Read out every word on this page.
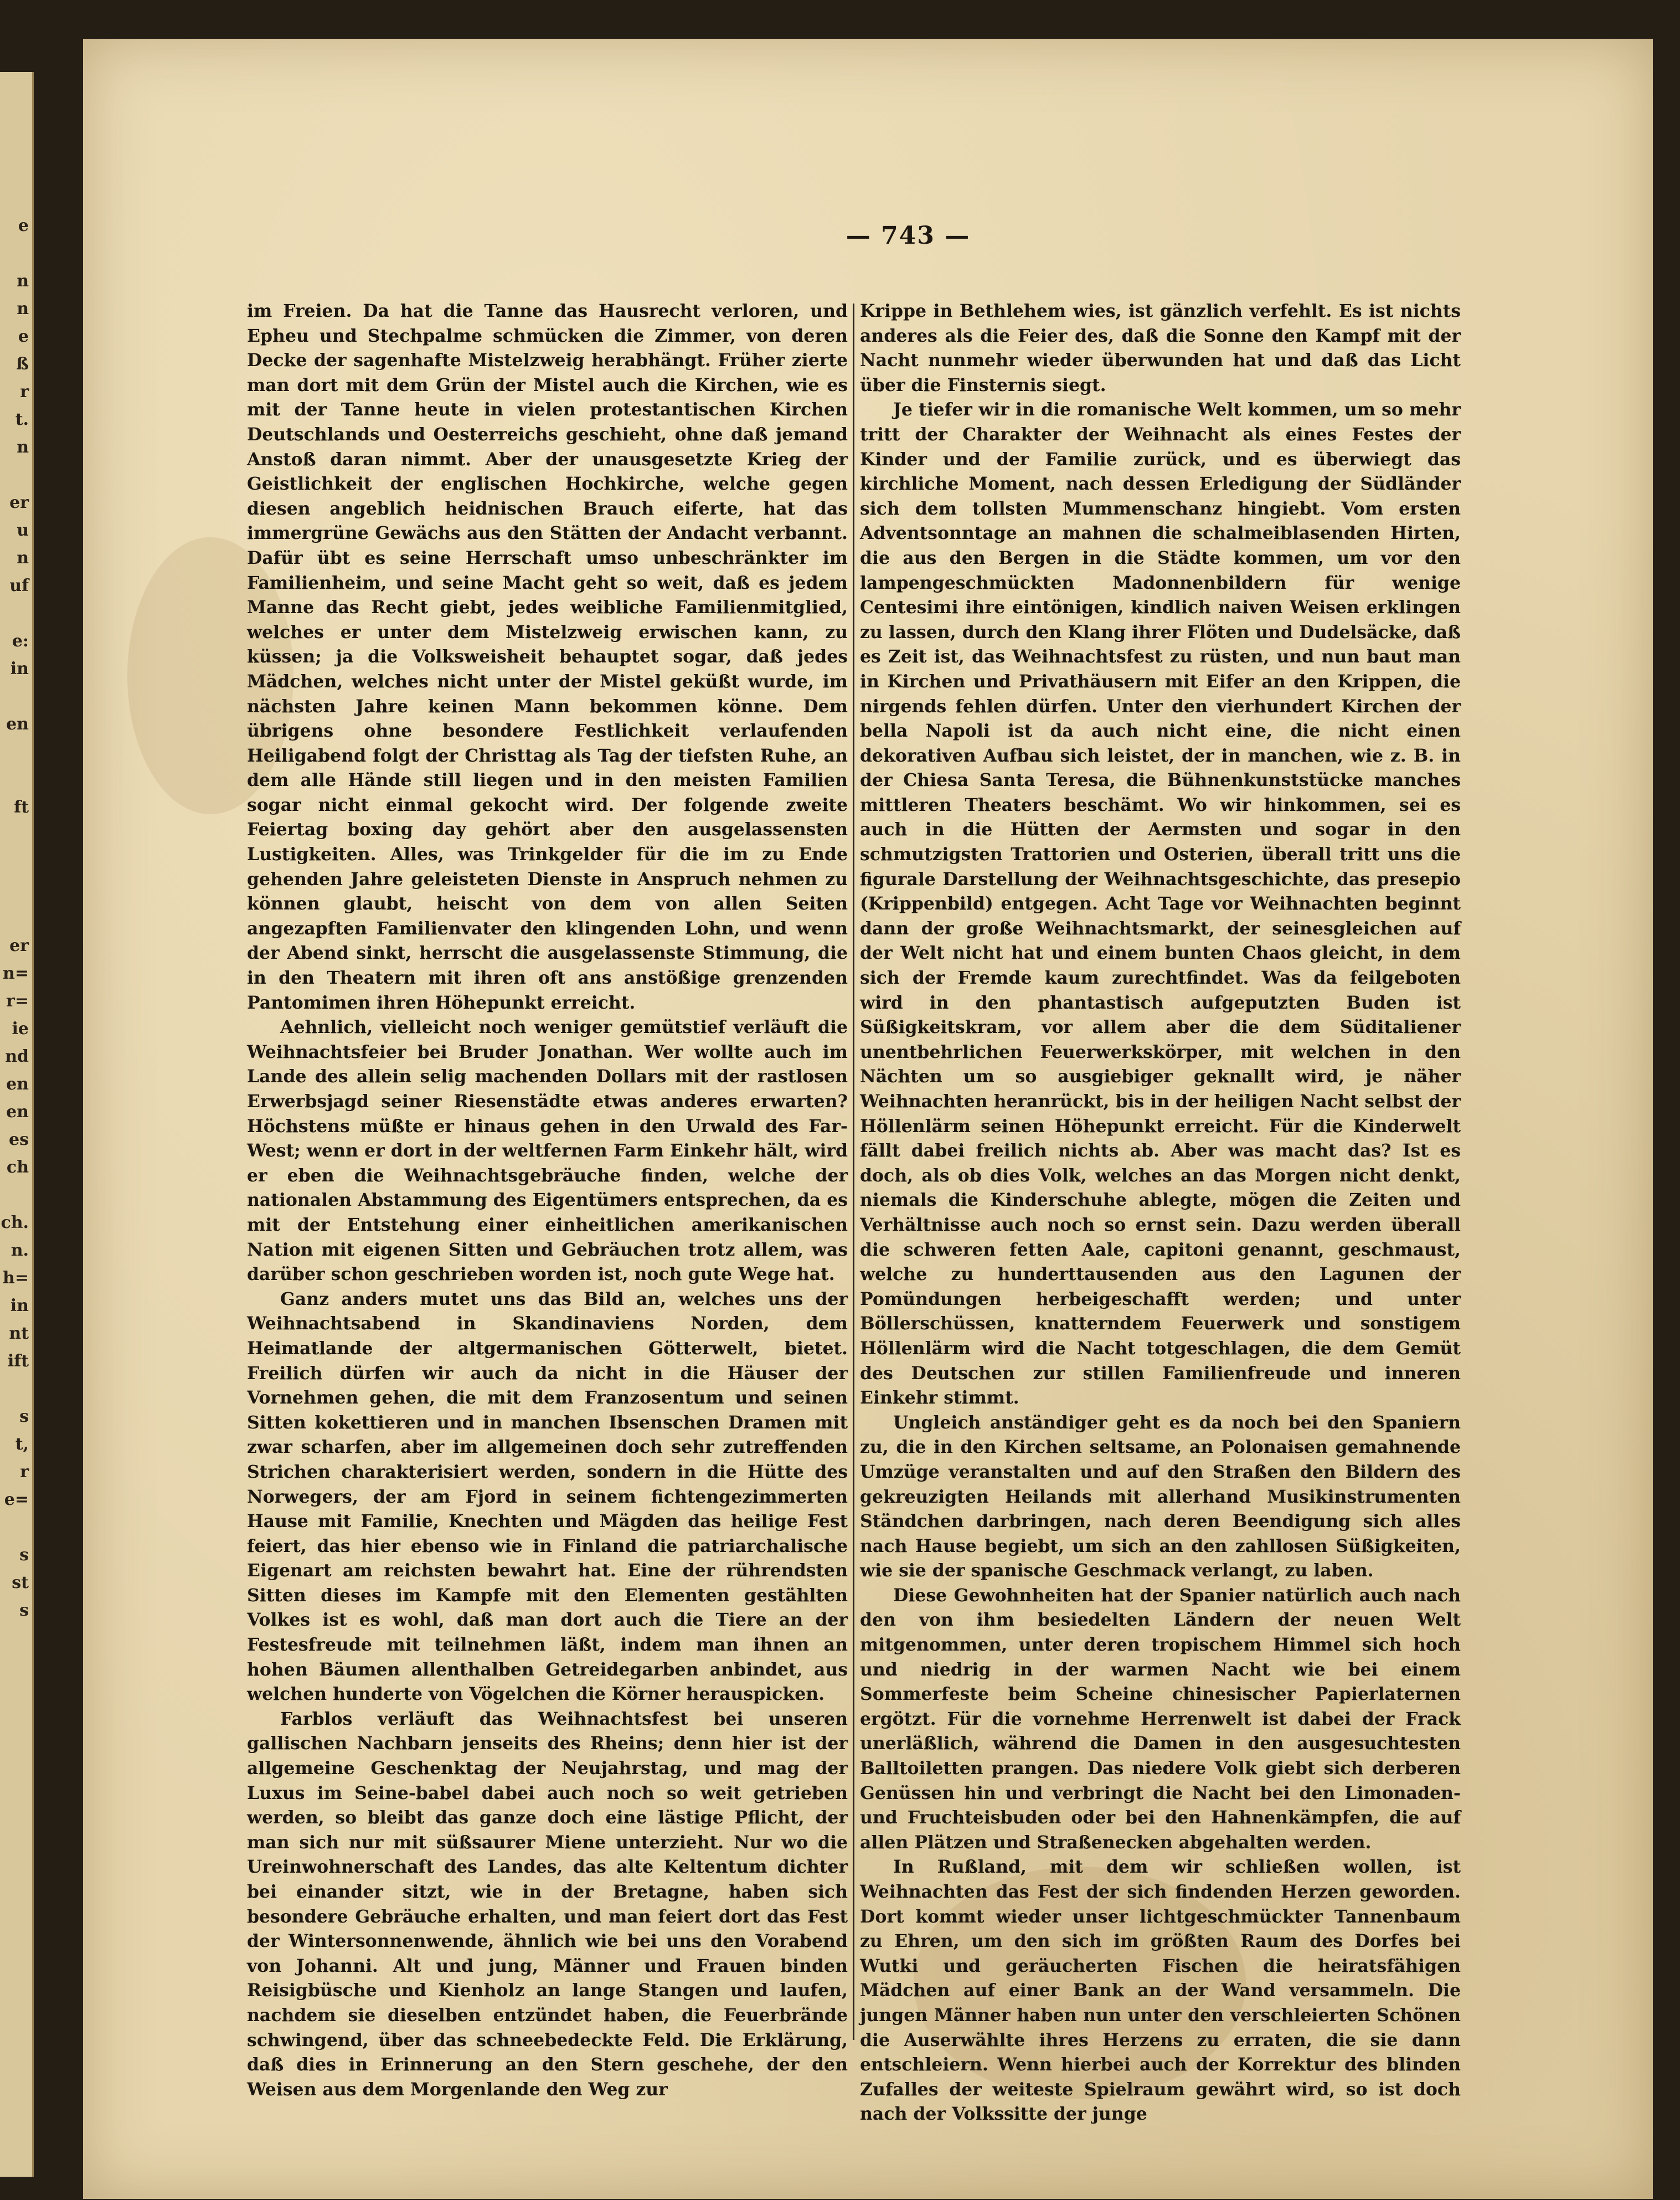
e
n
n
e
ß
r
t.
n
er
u
n
uf
e:
in
en
ft
er
n=
r=
ie
nd
en
en
es
ch
ch.
n.
h=
in
nt
ift
s
t,
r
e=
s
st
s
— 743 —

im Freien. Da hat die Tanne das Hausrecht verloren, und Epheu und Stechpalme schmücken die Zimmer, von deren Decke der sagenhafte Mistelzweig herabhängt. Früher zierte man dort mit dem Grün der Mistel auch die Kirchen, wie es mit der Tanne heute in vielen protestantischen Kirchen Deutschlands und Oesterreichs geschieht, ohne daß jemand Anstoß daran nimmt. Aber der unausgesetzte Krieg der Geistlichkeit der englischen Hochkirche, welche gegen diesen angeblich heidnischen Brauch eiferte, hat das immergrüne Gewächs aus den Stätten der Andacht verbannt. Dafür übt es seine Herrschaft umso unbeschränkter im Familienheim, und seine Macht geht so weit, daß es jedem Manne das Recht giebt, jedes weibliche Familienmitglied, welches er unter dem Mistelzweig erwischen kann, zu küssen; ja die Volksweisheit behauptet sogar, daß jedes Mädchen, welches nicht unter der Mistel geküßt wurde, im nächsten Jahre keinen Mann bekommen könne. Dem übrigens ohne besondere Festlichkeit verlaufenden Heiligabend folgt der Christtag als Tag der tiefsten Ruhe, an dem alle Hände still liegen und in den meisten Familien sogar nicht einmal gekocht wird. Der folgende zweite Feiertag boxing day gehört aber den ausgelassensten Lustigkeiten. Alles, was Trinkgelder für die im zu Ende gehenden Jahre geleisteten Dienste in Anspruch nehmen zu können glaubt, heischt von dem von allen Seiten angezapften Familienvater den klingenden Lohn, und wenn der Abend sinkt, herrscht die ausgelassenste Stimmung, die in den Theatern mit ihren oft ans anstößige grenzenden Pantomimen ihren Höhepunkt erreicht.

Aehnlich, vielleicht noch weniger gemütstief verläuft die Weihnachtsfeier bei Bruder Jonathan. Wer wollte auch im Lande des allein selig machenden Dollars mit der rastlosen Erwerbsjagd seiner Riesenstädte etwas anderes erwarten? Höchstens müßte er hinaus gehen in den Urwald des Far-West; wenn er dort in der weltfernen Farm Einkehr hält, wird er eben die Weihnachtsgebräuche finden, welche der nationalen Abstammung des Eigentümers entsprechen, da es mit der Entstehung einer einheitlichen amerikanischen Nation mit eigenen Sitten und Gebräuchen trotz allem, was darüber schon geschrieben worden ist, noch gute Wege hat.

Ganz anders mutet uns das Bild an, welches uns der Weihnachtsabend in Skandinaviens Norden, dem Heimatlande der altgermanischen Götterwelt, bietet. Freilich dürfen wir auch da nicht in die Häuser der Vornehmen gehen, die mit dem Franzosentum und seinen Sitten kokettieren und in manchen Ibsenschen Dramen mit zwar scharfen, aber im allgemeinen doch sehr zutreffenden Strichen charakterisiert werden, sondern in die Hütte des Norwegers, der am Fjord in seinem fichtengezimmerten Hause mit Familie, Knechten und Mägden das heilige Fest feiert, das hier ebenso wie in Finland die patriarchalische Eigenart am reichsten bewahrt hat. Eine der rührendsten Sitten dieses im Kampfe mit den Elementen gestählten Volkes ist es wohl, daß man dort auch die Tiere an der Festesfreude mit teilnehmen läßt, indem man ihnen an hohen Bäumen allenthalben Getreidegarben anbindet, aus welchen hunderte von Vögelchen die Körner herauspicken.

Farblos verläuft das Weihnachtsfest bei unseren gallischen Nachbarn jenseits des Rheins; denn hier ist der allgemeine Geschenktag der Neujahrstag, und mag der Luxus im Seine-babel dabei auch noch so weit getrieben werden, so bleibt das ganze doch eine lästige Pflicht, der man sich nur mit süßsaurer Miene unterzieht. Nur wo die Ureinwohnerschaft des Landes, das alte Keltentum dichter bei einander sitzt, wie in der Bretagne, haben sich besondere Gebräuche erhalten, und man feiert dort das Fest der Wintersonnenwende, ähnlich wie bei uns den Vorabend von Johanni. Alt und jung, Männer und Frauen binden Reisigbüsche und Kienholz an lange Stangen und laufen, nachdem sie dieselben entzündet haben, die Feuerbrände schwingend, über das schneebedeckte Feld. Die Erklärung, daß dies in Erinnerung an den Stern geschehe, der den Weisen aus dem Morgenlande den Weg zur

Krippe in Bethlehem wies, ist gänzlich verfehlt. Es ist nichts anderes als die Feier des, daß die Sonne den Kampf mit der Nacht nunmehr wieder überwunden hat und daß das Licht über die Finsternis siegt.

Je tiefer wir in die romanische Welt kommen, um so mehr tritt der Charakter der Weihnacht als eines Festes der Kinder und der Familie zurück, und es überwiegt das kirchliche Moment, nach dessen Erledigung der Südländer sich dem tollsten Mummenschanz hingiebt. Vom ersten Adventsonntage an mahnen die schalmeiblasenden Hirten, die aus den Bergen in die Städte kommen, um vor den lampengeschmückten Madonnenbildern für wenige Centesimi ihre eintönigen, kindlich naiven Weisen erklingen zu lassen, durch den Klang ihrer Flöten und Dudelsäcke, daß es Zeit ist, das Weihnachtsfest zu rüsten, und nun baut man in Kirchen und Privathäusern mit Eifer an den Krippen, die nirgends fehlen dürfen. Unter den vierhundert Kirchen der bella Napoli ist da auch nicht eine, die nicht einen dekorativen Aufbau sich leistet, der in manchen, wie z. B. in der Chiesa Santa Teresa, die Bühnenkunststücke manches mittleren Theaters beschämt. Wo wir hinkommen, sei es auch in die Hütten der Aermsten und sogar in den schmutzigsten Trattorien und Osterien, überall tritt uns die figurale Darstellung der Weihnachtsgeschichte, das presepio (Krippenbild) entgegen. Acht Tage vor Weihnachten beginnt dann der große Weihnachtsmarkt, der seinesgleichen auf der Welt nicht hat und einem bunten Chaos gleicht, in dem sich der Fremde kaum zurechtfindet. Was da feilgeboten wird in den phantastisch aufgeputzten Buden ist Süßigkeitskram, vor allem aber die dem Süditaliener unentbehrlichen Feuerwerkskörper, mit welchen in den Nächten um so ausgiebiger geknallt wird, je näher Weihnachten heranrückt, bis in der heiligen Nacht selbst der Höllenlärm seinen Höhepunkt erreicht. Für die Kinderwelt fällt dabei freilich nichts ab. Aber was macht das? Ist es doch, als ob dies Volk, welches an das Morgen nicht denkt, niemals die Kinderschuhe ablegte, mögen die Zeiten und Verhältnisse auch noch so ernst sein. Dazu werden überall die schweren fetten Aale, capitoni genannt, geschmaust, welche zu hunderttausenden aus den Lagunen der Pomündungen herbeigeschafft werden; und unter Böllerschüssen, knatterndem Feuerwerk und sonstigem Höllenlärm wird die Nacht totgeschlagen, die dem Gemüt des Deutschen zur stillen Familienfreude und inneren Einkehr stimmt.

Ungleich anständiger geht es da noch bei den Spaniern zu, die in den Kirchen seltsame, an Polonaisen gemahnende Umzüge veranstalten und auf den Straßen den Bildern des gekreuzigten Heilands mit allerhand Musikinstrumenten Ständchen darbringen, nach deren Beendigung sich alles nach Hause begiebt, um sich an den zahllosen Süßigkeiten, wie sie der spanische Geschmack verlangt, zu laben.

Diese Gewohnheiten hat der Spanier natürlich auch nach den von ihm besiedelten Ländern der neuen Welt mitgenommen, unter deren tropischem Himmel sich hoch und niedrig in der warmen Nacht wie bei einem Sommerfeste beim Scheine chinesischer Papierlaternen ergötzt. Für die vornehme Herrenwelt ist dabei der Frack unerläßlich, während die Damen in den ausgesuchtesten Balltoiletten prangen. Das niedere Volk giebt sich derberen Genüssen hin und verbringt die Nacht bei den Limonaden- und Fruchteisbuden oder bei den Hahnenkämpfen, die auf allen Plätzen und Straßenecken abgehalten werden.

In Rußland, mit dem wir schließen wollen, ist Weihnachten das Fest der sich findenden Herzen geworden. Dort kommt wieder unser lichtgeschmückter Tannenbaum zu Ehren, um den sich im größten Raum des Dorfes bei Wutki und geräucherten Fischen die heiratsfähigen Mädchen auf einer Bank an der Wand versammeln. Die jungen Männer haben nun unter den verschleierten Schönen die Auserwählte ihres Herzens zu erraten, die sie dann entschleiern. Wenn hierbei auch der Korrektur des blinden Zufalles der weiteste Spielraum gewährt wird, so ist doch nach der Volkssitte der junge
